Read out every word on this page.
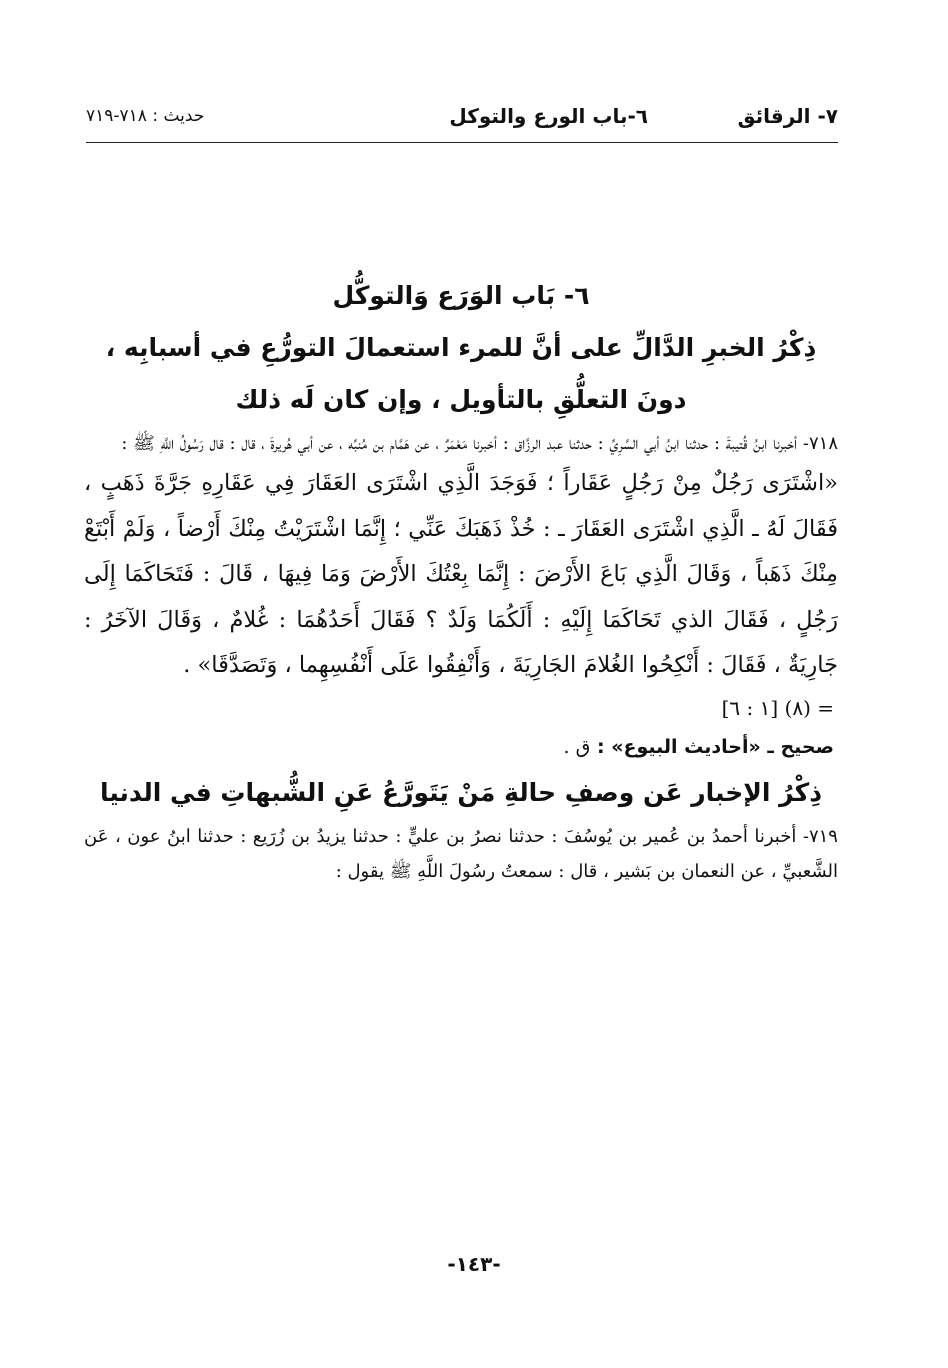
٧- الرقائق
٦-باب الورع والتوكل
حديث : ٧١٨-٧١٩
٦- بَاب الوَرَع وَالتوكُّل
ذِكْرُ الخبرِ الدَّالِّ على أنَّ للمرء استعمالَ التورُّعِ في أسبابِه ، دونَ التعلُّقِ بالتأويل ، وإن كان لَه ذلك

٧١٨- أخبرنا ابنُ قُتيبةَ : حدثنا ابنُ أبي السَّرِيِّ : حدثنا عبد الرزَّاق : أخبرنا مَعْمَرٌ ، عن هَمَّام بن مُنبِّه ، عن أبي هُريرةَ ، قال : قال رَسُولُ اللَّهِ ﷺ :

«اشْتَرَى رَجُلٌ مِنْ رَجُلٍ عَقَاراً ؛ فَوَجَدَ الَّذِي اشْتَرَى العَقَارَ فِي عَقَارِهِ جَرَّةَ ذَهَبٍ ، فَقَالَ لَهُ ـ الَّذِي اشْتَرَى العَقَارَ ـ : خُذْ ذَهَبَكَ عَنِّي ؛ إِنَّمَا اشْتَرَيْتُ مِنْكَ أَرْضاً ، وَلَمْ أَبْتَعْ مِنْكَ ذَهَباً ، وَقَالَ الَّذِي بَاعَ الأَرْضَ : إِنَّمَا بِعْتُكَ الأَرْضَ وَمَا فِيهَا ، قَالَ : فَتَحَاكَمَا إِلَى رَجُلٍ ، فَقَالَ الذي تَحَاكَمَا إِلَيْهِ : أَلَكُمَا وَلَدٌ ؟ فَقَالَ أَحَدُهُمَا : غُلامٌ ، وَقَالَ الآخَرُ : جَارِيَةٌ ، فَقَالَ : أَنْكِحُوا الغُلامَ الجَارِيَةَ ، وَأَنْفِقُوا عَلَى أَنْفُسِهِما ، وَتَصَدَّقَا» .

= (٨) [١ : ٦]

صحيح ـ «أحاديث البيوع» : ق .

ذِكْرُ الإخبار عَن وصفِ حالةِ مَنْ يَتَورَّعُ عَنِ الشُّبهاتِ في الدنيا

٧١٩- أخبرنا أحمدُ بن عُمير بن يُوسُفَ : حدثنا نصرُ بن عليٍّ : حدثنا يزيدُ بن زُرَيع : حدثنا ابنُ عون ، عَن الشَّعبيِّ ، عن النعمان بن بَشير ، قال : سمعتُ رسُولَ اللَّهِ ﷺ يقول :

-١٤٣-
